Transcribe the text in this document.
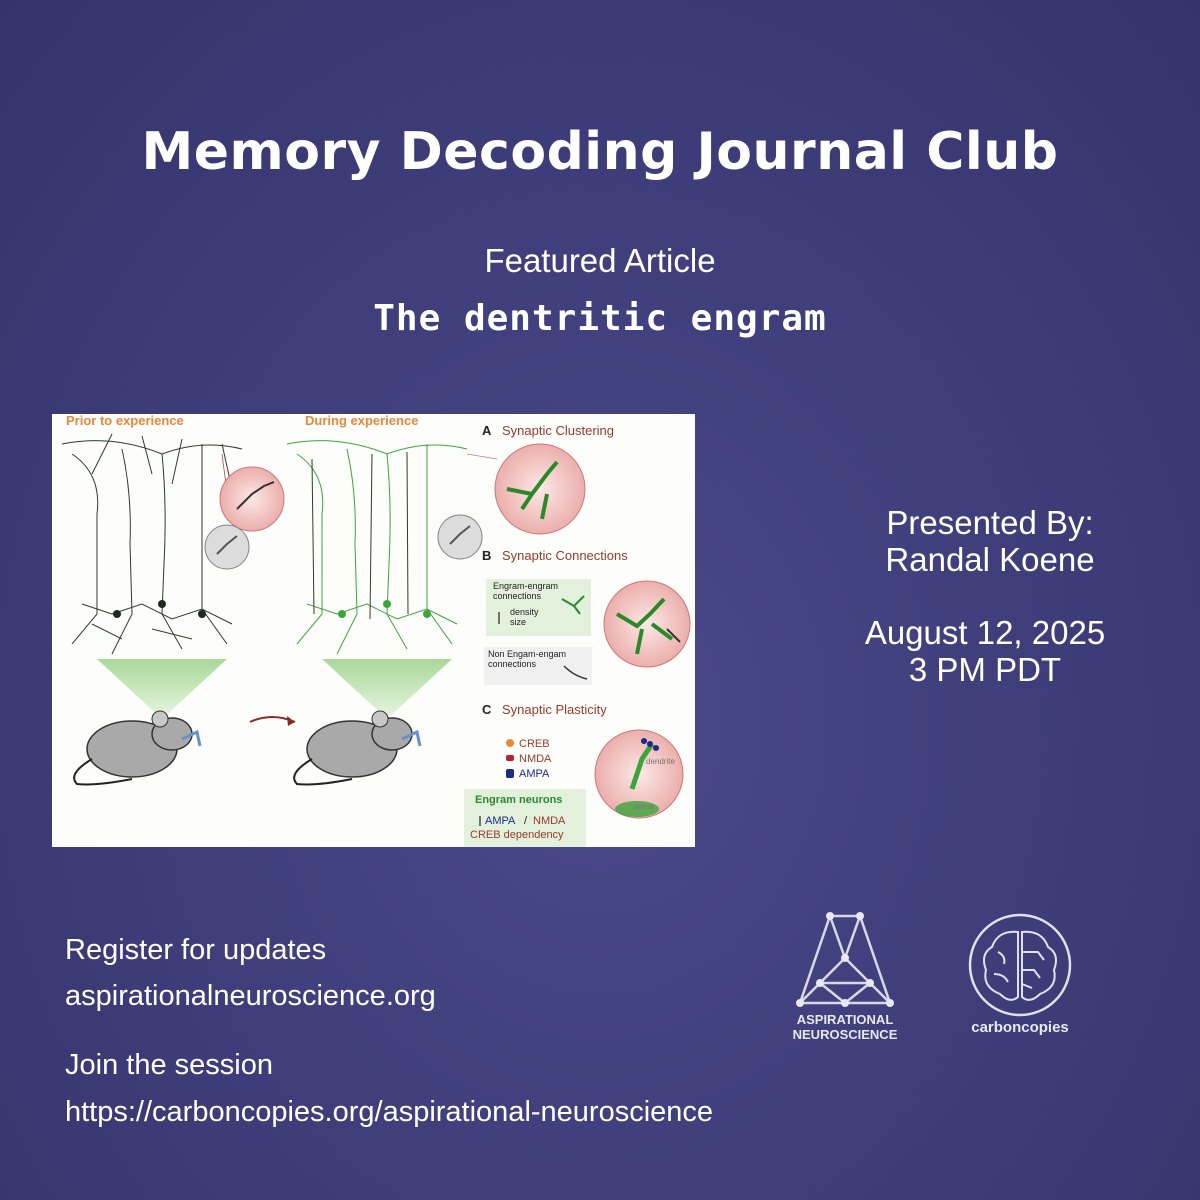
Memory Decoding Journal Club
Featured Article
The dentritic engram
Prior to experience	During experience
A Synaptic Clustering
B Synaptic Connections
Engram-engram
connections
density
size
Non Engam-engam
connections
C Synaptic Plasticity
CREB
NMDA
AMPA
Engram neurons
AMPA / NMDA
CREB dependency
dendrite
soma
Presented By:
Randal Koene
August 12, 2025
3 PM PDT
Register for updates
aspirationalneuroscience.org
Join the session
https://carboncopies.org/aspirational-neuroscience
ASPIRATIONAL
NEUROSCIENCE	carboncopies
